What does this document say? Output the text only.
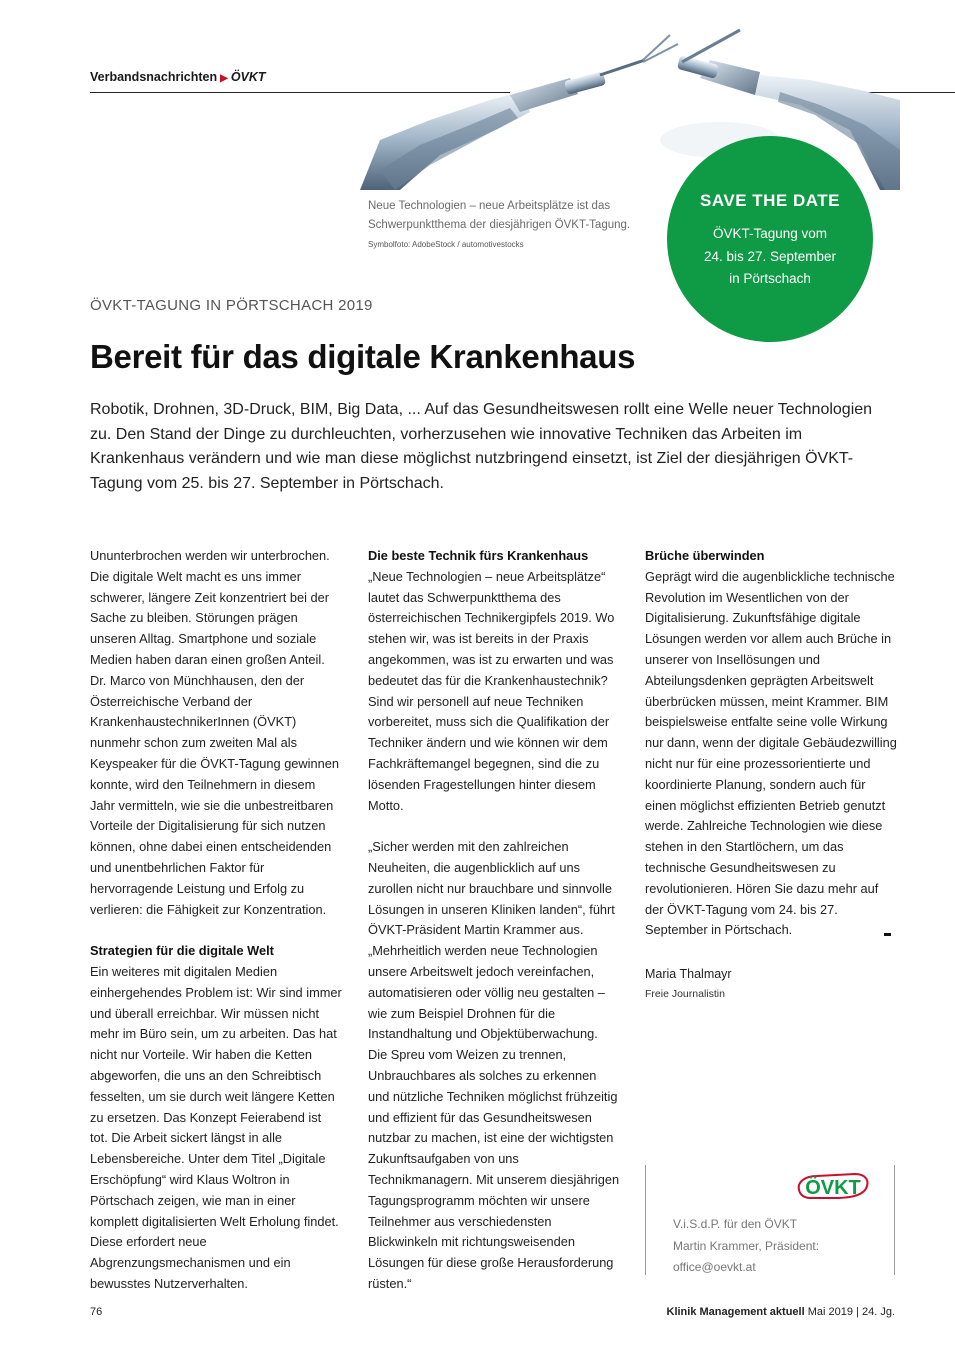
Verbandsnachrichten ▶ ÖVKT
Neue Technologien – neue Arbeitsplätze ist das Schwerpunktthema der diesjährigen ÖVKT-Tagung. Symbolfoto: AdobeStock / automotivestocks
SAVE THE DATE
ÖVKT-Tagung vom
24. bis 27. September
in Pörtschach
ÖVKT-TAGUNG IN PÖRTSCHACH 2019
Bereit für das digitale Krankenhaus
Robotik, Drohnen, 3D-Druck, BIM, Big Data, ... Auf das Gesundheitswesen rollt eine Welle neuer Technologien zu. Den Stand der Dinge zu durchleuchten, vorherzusehen wie innovative Techniken das Arbeiten im Krankenhaus verändern und wie man diese möglichst nutzbringend einsetzt, ist Ziel der diesjährigen ÖVKT-Tagung vom 25. bis 27. September in Pörtschach.

Ununterbrochen werden wir unterbrochen. Die digitale Welt macht es uns immer schwerer, längere Zeit konzentriert bei der Sache zu bleiben. Störungen prägen unseren Alltag. Smartphone und soziale Medien haben daran einen großen Anteil. Dr. Marco von Münchhausen, den der Österreichische Verband der KrankenhaustechnikerInnen (ÖVKT) nunmehr schon zum zweiten Mal als Keyspeaker für die ÖVKT-Tagung gewinnen konnte, wird den Teilnehmern in diesem Jahr vermitteln, wie sie die unbestreitbaren Vorteile der Digitalisierung für sich nutzen können, ohne dabei einen entscheidenden und unentbehrlichen Faktor für hervorragende Leistung und Erfolg zu verlieren: die Fähigkeit zur Konzentration.

Strategien für die digitale Welt

Ein weiteres mit digitalen Medien einhergehendes Problem ist: Wir sind immer und überall erreichbar. Wir müssen nicht mehr im Büro sein, um zu arbeiten. Das hat nicht nur Vorteile. Wir haben die Ketten abgeworfen, die uns an den Schreibtisch fesselten, um sie durch weit längere Ketten zu ersetzen. Das Konzept Feierabend ist tot. Die Arbeit sickert längst in alle Lebensbereiche. Unter dem Titel „Digitale Erschöpfung“ wird Klaus Woltron in Pörtschach zeigen, wie man in einer komplett digitalisierten Welt Erholung findet. Diese erfordert neue Abgrenzungsmechanismen und ein bewusstes Nutzerverhalten.

Die beste Technik fürs Krankenhaus

„Neue Technologien – neue Arbeitsplätze“ lautet das Schwerpunktthema des österreichischen Technikergipfels 2019. Wo stehen wir, was ist bereits in der Praxis angekommen, was ist zu erwarten und was bedeutet das für die Krankenhaustechnik? Sind wir personell auf neue Techniken vorbereitet, muss sich die Qualifikation der Techniker ändern und wie können wir dem Fachkräftemangel begegnen, sind die zu lösenden Fragestellungen hinter diesem Motto.

„Sicher werden mit den zahlreichen Neuheiten, die augenblicklich auf uns zurollen nicht nur brauchbare und sinnvolle Lösungen in unseren Kliniken landen“, führt ÖVKT-Präsident Martin Krammer aus. „Mehrheitlich werden neue Technologien unsere Arbeitswelt jedoch vereinfachen, automatisieren oder völlig neu gestalten – wie zum Beispiel Drohnen für die Instandhaltung und Objektüberwachung. Die Spreu vom Weizen zu trennen, Unbrauchbares als solches zu erkennen und nützliche Techniken möglichst frühzeitig und effizient für das Gesundheitswesen nutzbar zu machen, ist eine der wichtigsten Zukunftsaufgaben von uns Technikmanagern. Mit unserem diesjährigen Tagungsprogramm möchten wir unsere Teilnehmer aus verschiedensten Blickwinkeln mit richtungsweisenden Lösungen für diese große Herausforderung rüsten.“

Brüche überwinden

Geprägt wird die augenblickliche technische Revolution im Wesentlichen von der Digitalisierung. Zukunftsfähige digitale Lösungen werden vor allem auch Brüche in unserer von Insellösungen und Abteilungsdenken geprägten Arbeitswelt überbrücken müssen, meint Krammer. BIM beispielsweise entfalte seine volle Wirkung nur dann, wenn der digitale Gebäudezwilling nicht nur für eine prozessorientierte und koordinierte Planung, sondern auch für einen möglichst effizienten Betrieb genutzt werde. Zahlreiche Technologien wie diese stehen in den Startlöchern, um das technische Gesundheitswesen zu revolutionieren. Hören Sie dazu mehr auf der ÖVKT-Tagung vom 24. bis 27. September in Pörtschach.

Maria Thalmayr
Freie Journalistin
ÖVKT
V.i.S.d.P. für den ÖVKT
Martin Krammer, Präsident:
office@oevkt.at
76	Klinik Management aktuell Mai 2019 | 24. Jg.
